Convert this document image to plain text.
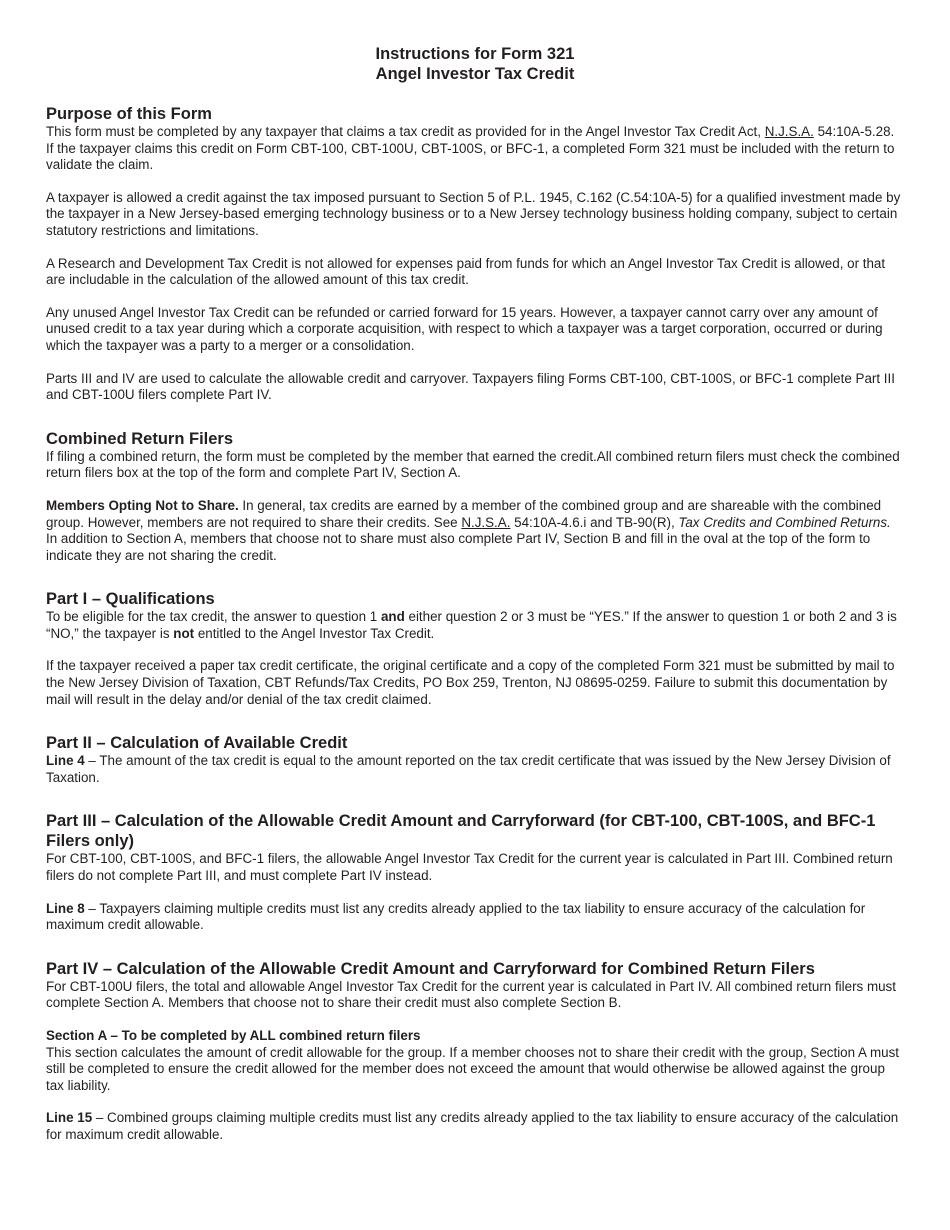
Instructions for Form 321
Angel Investor Tax Credit
Purpose of this Form

This form must be completed by any taxpayer that claims a tax credit as provided for in the Angel Investor Tax Credit Act, N.J.S.A. 54:10A-5.28. If the taxpayer claims this credit on Form CBT-100, CBT-100U, CBT-100S, or BFC-1, a completed Form 321 must be included with the return to validate the claim.

A taxpayer is allowed a credit against the tax imposed pursuant to Section 5 of P.L. 1945, C.162 (C.54:10A-5) for a qualified investment made by the taxpayer in a New Jersey-based emerging technology business or to a New Jersey technology business holding company, subject to certain statutory restrictions and limitations.

A Research and Development Tax Credit is not allowed for expenses paid from funds for which an Angel Investor Tax Credit is allowed, or that are includable in the calculation of the allowed amount of this tax credit.

Any unused Angel Investor Tax Credit can be refunded or carried forward for 15 years. However, a taxpayer cannot carry over any amount of unused credit to a tax year during which a corporate acquisition, with respect to which a taxpayer was a target corporation, occurred or during which the taxpayer was a party to a merger or a consolidation.

Parts III and IV are used to calculate the allowable credit and carryover. Taxpayers filing Forms CBT-100, CBT-100S, or BFC-1 complete Part III and CBT-100U filers complete Part IV.

Combined Return Filers

If filing a combined return, the form must be completed by the member that earned the credit.All combined return filers must check the combined return filers box at the top of the form and complete Part IV, Section A.

Members Opting Not to Share. In general, tax credits are earned by a member of the combined group and are shareable with the combined group. However, members are not required to share their credits. See N.J.S.A. 54:10A-4.6.i and TB-90(R), Tax Credits and Combined Returns. In addition to Section A, members that choose not to share must also complete Part IV, Section B and fill in the oval at the top of the form to indicate they are not sharing the credit.

Part I – Qualifications

To be eligible for the tax credit, the answer to question 1 and either question 2 or 3 must be “YES.” If the answer to question 1 or both 2 and 3 is “NO,” the taxpayer is not entitled to the Angel Investor Tax Credit.

If the taxpayer received a paper tax credit certificate, the original certificate and a copy of the completed Form 321 must be submitted by mail to the New Jersey Division of Taxation, CBT Refunds/Tax Credits, PO Box 259, Trenton, NJ 08695-0259. Failure to submit this documentation by mail will result in the delay and/or denial of the tax credit claimed.

Part II – Calculation of Available Credit

Line 4 – The amount of the tax credit is equal to the amount reported on the tax credit certificate that was issued by the New Jersey Division of Taxation.

Part III – Calculation of the Allowable Credit Amount and Carryforward (for CBT-100, CBT-100S, and BFC-1 Filers only)

For CBT-100, CBT-100S, and BFC-1 filers, the allowable Angel Investor Tax Credit for the current year is calculated in Part III. Combined return filers do not complete Part III, and must complete Part IV instead.

Line 8 – Taxpayers claiming multiple credits must list any credits already applied to the tax liability to ensure accuracy of the calculation for maximum credit allowable.

Part IV – Calculation of the Allowable Credit Amount and Carryforward for Combined Return Filers

For CBT-100U filers, the total and allowable Angel Investor Tax Credit for the current year is calculated in Part IV. All combined return filers must complete Section A. Members that choose not to share their credit must also complete Section B.

Section A – To be completed by ALL combined return filers

This section calculates the amount of credit allowable for the group. If a member chooses not to share their credit with the group, Section A must still be completed to ensure the credit allowed for the member does not exceed the amount that would otherwise be allowed against the group tax liability.

Line 15 – Combined groups claiming multiple credits must list any credits already applied to the tax liability to ensure accuracy of the calculation for maximum credit allowable.
